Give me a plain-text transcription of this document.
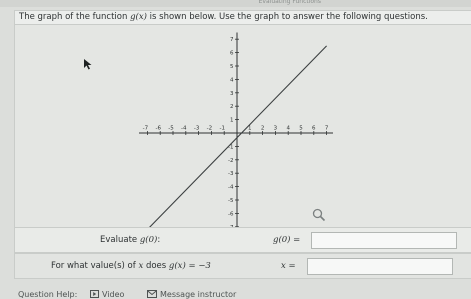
Evaluating Functions
The graph of the function g(x) is shown below. Use the graph to answer the following questions.
-7 -6 -5 -4 -3 -2 -1	1 2 3 4 5 6 7
7
6
5
4
3
2
1
-1
-2
-3
-4
-5
-6
Evaluate g(0):	g(0) =
For what value(s) of x does g(x) = −3	x =
Question Help:	Video	Message instructor
